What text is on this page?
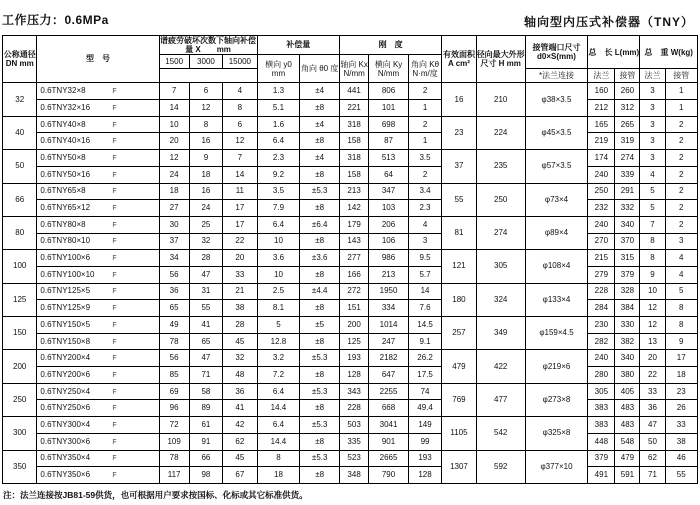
工作压力：0.6MPa	轴向型内压式补偿器（TNY）
公称通径 DN mm	型　号	谱疲劳破坏次数下轴向补偿量 X　　mm			补偿量		刚　度			有效面积 A cm²	径向最大外形尺寸 H mm	接管端口尺寸 d0×S(mm)	总　长 L(mm)		总　重 W(kg)	
		1500	3000	15000	横向 y0 mm	角向 θ0 度	轴向 Kx N/mm	横向 Ky N/mm	角向 Kθ N·m/度							
												*法兰连接	法兰	接管	法兰	接管
32	0.6TNY32×8 F	7	6	4	1.3	±4	441	806	2	16	210	φ38×3.5	160	260	3	1
	0.6TNY32×16 F	14	12	8	5.1	±8	221	101	1				212	312	3	1
40	0.6TNY40×8 F	10	8	6	1.6	±4	318	698	2	23	224	φ45×3.5	165	265	3	2
	0.6TNY40×16 F	20	16	12	6.4	±8	158	87	1				219	319	3	2
50	0.6TNY50×8 F	12	9	7	2.3	±4	318	513	3.5	37	235	φ57×3.5	174	274	3	2
	0.6TNY50×16 F	24	18	14	9.2	±8	158	64	2				240	339	4	2
66	0.6TNY65×8 F	18	16	11	3.5	±5.3	213	347	3.4	55	250	φ73×4	250	291	5	2
	0.6TNY65×12 F	27	24	17	7.9	±8	142	103	2.3				232	332	5	2
80	0.6TNY80×8 F	30	25	17	6.4	±6.4	179	206	4	81	274	φ89×4	240	340	7	2
	0.6TNY80×10 F	37	32	22	10	±8	143	106	3				270	370	8	3
100	0.6TNY100×6 F	34	28	20	3.6	±3.6	277	986	9.5	121	305	φ108×4	215	315	8	4
	0.6TNY100×10 F	56	47	33	10	±8	166	213	5.7				279	379	9	4
125	0.6TNY125×5 F	36	31	21	2.5	±4.4	272	1950	14	180	324	φ133×4	228	328	10	5
	0.6TNY125×9 F	65	55	38	8.1	±8	151	334	7.6				284	384	12	8
150	0.6TNY150×5 F	49	41	28	5	±5	200	1014	14.5	257	349	φ159×4.5	230	330	12	8
	0.6TNY150×8 F	78	65	45	12.8	±8	125	247	9.1				282	382	13	9
200	0.6TNY200×4 F	56	47	32	3.2	±5.3	193	2182	26.2	479	422	φ219×6	240	340	20	17
	0.6TNY200×6 F	85	71	48	7.2	±8	128	647	17.5				280	380	22	18
250	0.6TNY250×4 F	69	58	36	6.4	±5.3	343	2255	74	769	477	φ273×8	305	405	33	23
	0.6TNY250×6 F	96	89	41	14.4	±8	228	668	49.4				383	483	36	26
300	0.6TNY300×4 F	72	61	42	6.4	±5.3	503	3041	149	1105	542	φ325×8	383	483	47	33
	0.6TNY300×6 F	109	91	62	14.4	±8	335	901	99				448	548	50	38
350	0.6TNY350×4 F	78	66	45	8	±5.3	523	2665	193	1307	592	φ377×10	379	479	62	46
	0.6TNY350×6 F	117	98	67	18	±8	348	790	128				491	591	71	55
注：法兰连接按JB81-59供货，也可根据用户要求按国标、化标或其它标准供货。
